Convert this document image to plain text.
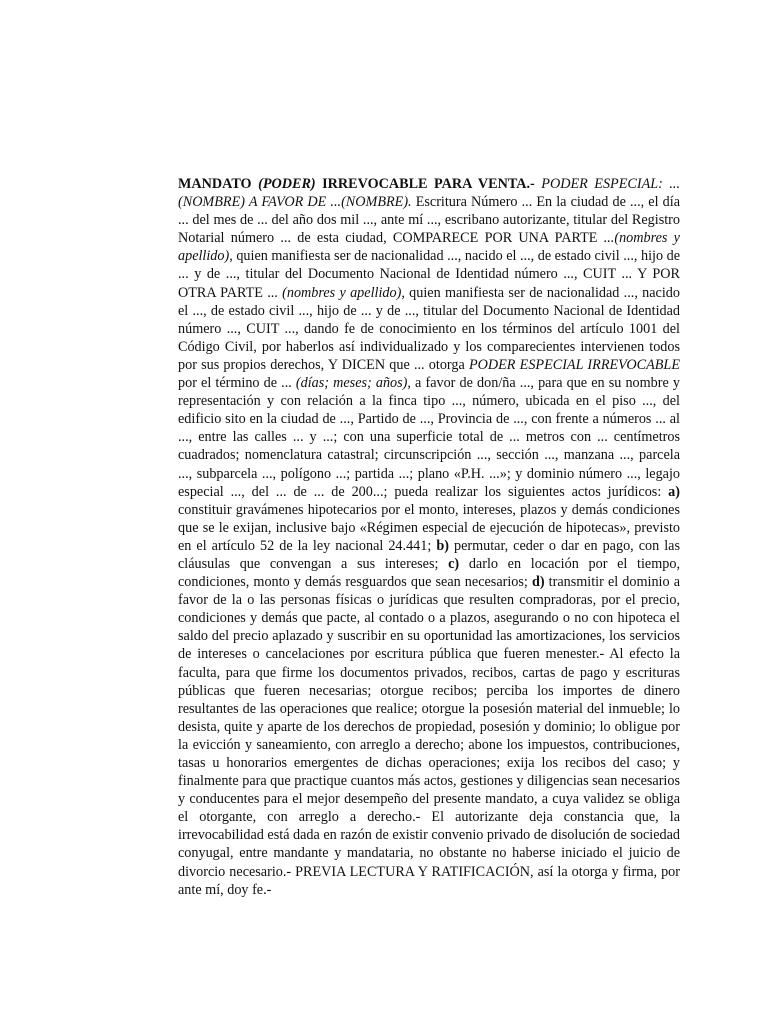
MANDATO (PODER) IRREVOCABLE PARA VENTA.- PODER ESPECIAL: ...(NOMBRE) A FAVOR DE ...(NOMBRE). Escritura Número ... En la ciudad de ..., el día ... del mes de ... del año dos mil ..., ante mí ..., escribano autorizante, titular del Registro Notarial número ... de esta ciudad, COMPARECE POR UNA PARTE ...(nombres y apellido), quien manifiesta ser de nacionalidad ..., nacido el ..., de estado civil ..., hijo de ... y de ..., titular del Documento Nacional de Identidad número ..., CUIT ... Y POR OTRA PARTE ... (nombres y apellido), quien manifiesta ser de nacionalidad ..., nacido el ..., de estado civil ..., hijo de ... y de ..., titular del Documento Nacional de Identidad número ..., CUIT ..., dando fe de conocimiento en los términos del artículo 1001 del Código Civil, por haberlos así individualizado y los comparecientes intervienen todos por sus propios derechos, Y DICEN que ... otorga PODER ESPECIAL IRREVOCABLE por el término de ... (días; meses; años), a favor de don/ña ..., para que en su nombre y representación y con relación a la finca tipo ..., número, ubicada en el piso ..., del edificio sito en la ciudad de ..., Partido de ..., Provincia de ..., con frente a números ... al ..., entre las calles ... y ...; con una superficie total de ... metros con ... centímetros cuadrados; nomenclatura catastral; circunscripción ..., sección ..., manzana ..., parcela ..., subparcela ..., polígono ...; partida ...; plano «P.H. ...»; y dominio número ..., legajo especial ..., del ... de ... de 200...; pueda realizar los siguientes actos jurídicos: a) constituir gravámenes hipotecarios por el monto, intereses, plazos y demás condiciones que se le exijan, inclusive bajo «Régimen especial de ejecución de hipotecas», previsto en el artículo 52 de la ley nacional 24.441; b) permutar, ceder o dar en pago, con las cláusulas que convengan a sus intereses; c) darlo en locación por el tiempo, condiciones, monto y demás resguardos que sean necesarios; d) transmitir el dominio a favor de la o las personas físicas o jurídicas que resulten compradoras, por el precio, condiciones y demás que pacte, al contado o a plazos, asegurando o no con hipoteca el saldo del precio aplazado y suscribir en su oportunidad las amortizaciones, los servicios de intereses o cancelaciones por escritura pública que fueren menester.- Al efecto la faculta, para que firme los documentos privados, recibos, cartas de pago y escrituras públicas que fueren necesarias; otorgue recibos; perciba los importes de dinero resultantes de las operaciones que realice; otorgue la posesión material del inmueble; lo desista, quite y aparte de los derechos de propiedad, posesión y dominio; lo obligue por la evicción y saneamiento, con arreglo a derecho; abone los impuestos, contribuciones, tasas u honorarios emergentes de dichas operaciones; exija los recibos del caso; y finalmente para que practique cuantos más actos, gestiones y diligencias sean necesarios y conducentes para el mejor desempeño del presente mandato, a cuya validez se obliga el otorgante, con arreglo a derecho.- El autorizante deja constancia que, la irrevocabilidad está dada en razón de existir convenio privado de disolución de sociedad conyugal, entre mandante y mandataria, no obstante no haberse iniciado el juicio de divorcio necesario.- PREVIA LECTURA Y RATIFICACIÓN, así la otorga y firma, por ante mí, doy fe.-
